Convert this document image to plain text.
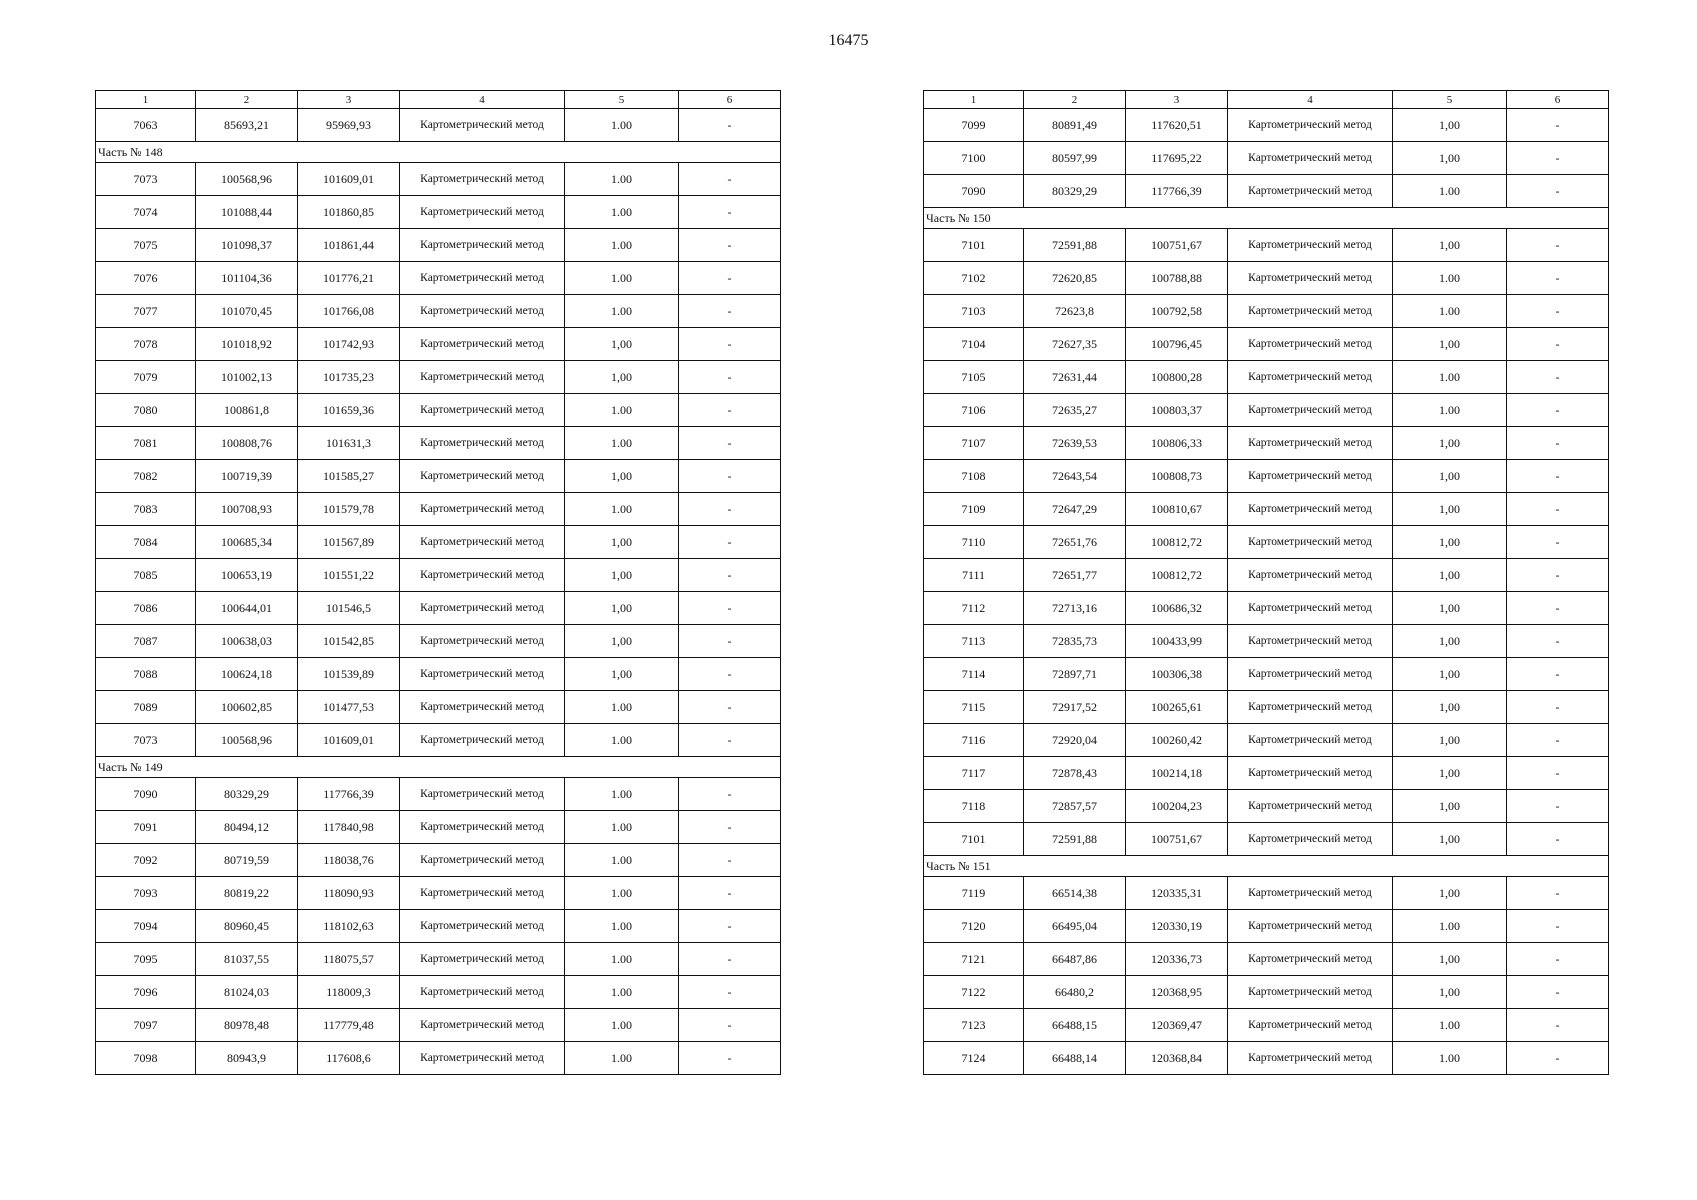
16475
1	2	3	4	5	6
7063	85693,21	95969,93	Картометрический метод	1.00	-
Часть № 148					
7073	100568,96	101609,01	Картометрический метод	1.00	-
7074	101088,44	101860,85	Картометрический метод	1.00	-
7075	101098,37	101861,44	Картометрический метод	1.00	-
7076	101104,36	101776,21	Картометрический метод	1.00	-
7077	101070,45	101766,08	Картометрический метод	1.00	-
7078	101018,92	101742,93	Картометрический метод	1,00	-
7079	101002,13	101735,23	Картометрический метод	1,00	-
7080	100861,8	101659,36	Картометрический метод	1.00	-
7081	100808,76	101631,3	Картометрический метод	1.00	-
7082	100719,39	101585,27	Картометрический метод	1,00	-
7083	100708,93	101579,78	Картометрический метод	1.00	-
7084	100685,34	101567,89	Картометрический метод	1,00	-
7085	100653,19	101551,22	Картометрический метод	1,00	-
7086	100644,01	101546,5	Картометрический метод	1,00	-
7087	100638,03	101542,85	Картометрический метод	1,00	-
7088	100624,18	101539,89	Картометрический метод	1,00	-
7089	100602,85	101477,53	Картометрический метод	1.00	-
7073	100568,96	101609,01	Картометрический метод	1.00	-
Часть № 149					
7090	80329,29	117766,39	Картометрический метод	1.00	-
7091	80494,12	117840,98	Картометрический метод	1.00	-
7092	80719,59	118038,76	Картометрический метод	1.00	-
7093	80819,22	118090,93	Картометрический метод	1.00	-
7094	80960,45	118102,63	Картометрический метод	1.00	-
7095	81037,55	118075,57	Картометрический метод	1.00	-
7096	81024,03	118009,3	Картометрический метод	1.00	-
7097	80978,48	117779,48	Картометрический метод	1.00	-
7098	80943,9	117608,6	Картометрический метод	1.00	-
1	2	3	4	5	6
7099	80891,49	117620,51	Картометрический метод	1,00	-
7100	80597,99	117695,22	Картометрический метод	1,00	-
7090	80329,29	117766,39	Картометрический метод	1.00	-
Часть № 150					
7101	72591,88	100751,67	Картометрический метод	1,00	-
7102	72620,85	100788,88	Картометрический метод	1.00	-
7103	72623,8	100792,58	Картометрический метод	1.00	-
7104	72627,35	100796,45	Картометрический метод	1,00	-
7105	72631,44	100800,28	Картометрический метод	1.00	-
7106	72635,27	100803,37	Картометрический метод	1.00	-
7107	72639,53	100806,33	Картометрический метод	1,00	-
7108	72643,54	100808,73	Картометрический метод	1,00	-
7109	72647,29	100810,67	Картометрический метод	1,00	-
7110	72651,76	100812,72	Картометрический метод	1,00	-
7111	72651,77	100812,72	Картометрический метод	1,00	-
7112	72713,16	100686,32	Картометрический метод	1,00	-
7113	72835,73	100433,99	Картометрический метод	1,00	-
7114	72897,71	100306,38	Картометрический метод	1,00	-
7115	72917,52	100265,61	Картометрический метод	1,00	-
7116	72920,04	100260,42	Картометрический метод	1,00	-
7117	72878,43	100214,18	Картометрический метод	1,00	-
7118	72857,57	100204,23	Картометрический метод	1,00	-
7101	72591,88	100751,67	Картометрический метод	1,00	-
Часть № 151					
7119	66514,38	120335,31	Картометрический метод	1,00	-
7120	66495,04	120330,19	Картометрический метод	1.00	-
7121	66487,86	120336,73	Картометрический метод	1,00	-
7122	66480,2	120368,95	Картометрический метод	1,00	-
7123	66488,15	120369,47	Картометрический метод	1.00	-
7124	66488,14	120368,84	Картометрический метод	1.00	-
